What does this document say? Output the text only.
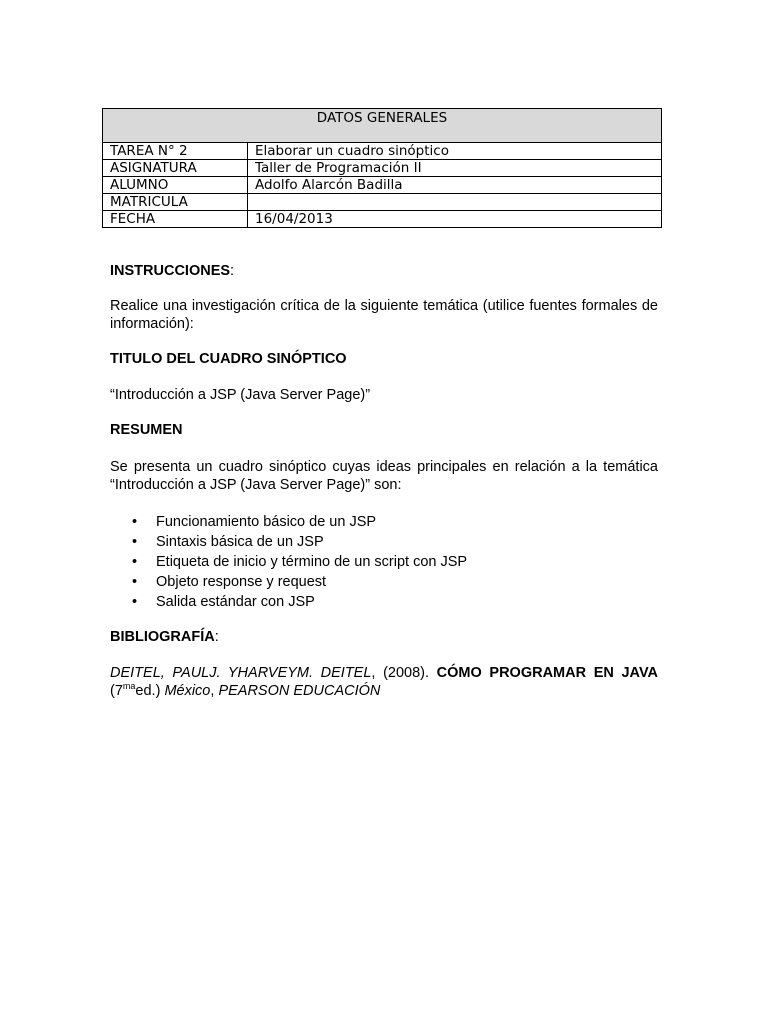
DATOS GENERALES	
TAREA N° 2	Elaborar un cuadro sinóptico
ASIGNATURA	Taller de Programación II
ALUMNO	Adolfo Alarcón Badilla
MATRICULA	
FECHA	16/04/2013

INSTRUCCIONES:

Realice una investigación crítica de la siguiente temática (utilice fuentes formales de información):

TITULO DEL CUADRO SINÓPTICO

“Introducción a JSP (Java Server Page)”

RESUMEN

Se presenta un cuadro sinóptico cuyas ideas principales en relación a la temática “Introducción a JSP (Java Server Page)” son:

• Funcionamiento básico de un JSP
• Sintaxis básica de un JSP
• Etiqueta de inicio y término de un script con JSP
• Objeto response y request
• Salida estándar con JSP

BIBLIOGRAFÍA:

DEITEL, PAULJ. YHARVEYM. DEITEL, (2008). CÓMO PROGRAMAR EN JAVA $(7^{ma}ed.)$ México, PEARSON EDUCACIÓN
